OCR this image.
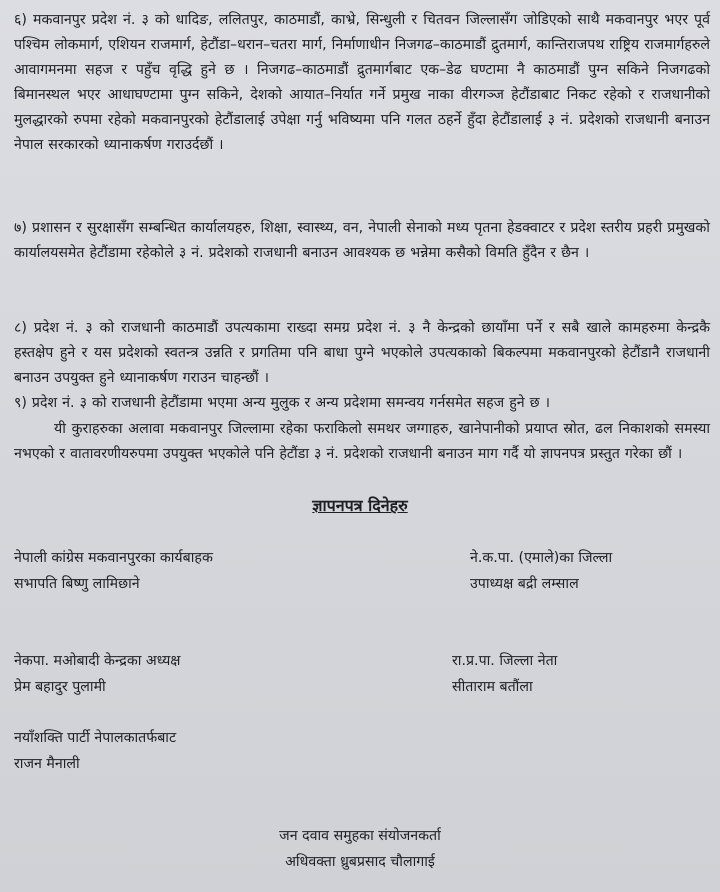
६) मकवानपुर प्रदेश नं. ३ को धादिङ, ललितपुर, काठमाडौं, काभ्रे, सिन्धुली र चितवन जिल्लासँग जोडिएको साथै मकवानपुर भएर पूर्व पश्चिम लोकमार्ग, एशियन राजमार्ग, हेटौंडा–धरान–चतरा मार्ग, निर्माणाधीन निजगढ–काठमाडौं द्रुतमार्ग, कान्तिराजपथ राष्ट्रिय राजमार्गहरुले आवागमनमा सहज र पहुँच वृद्धि हुने छ । निजगढ–काठमाडौं द्रुतमार्गबाट एक–डेढ घण्टामा नै काठमाडौं पुग्न सकिने निजगढको बिमानस्थल भएर आधाघण्टामा पुग्न सकिने, देशको आयात–निर्यात गर्ने प्रमुख नाका वीरगञ्ज हेटौंडाबाट निकट रहेको र राजधानीको मुलद्धारको रुपमा रहेको मकवानपुरको हेटौंडालाई उपेक्षा गर्नु भविष्यमा पनि गलत ठहर्ने हुँदा हेटौंडालाई ३ नं. प्रदेशको राजधानी बनाउन नेपाल सरकारको ध्यानाकर्षण गराउर्दछौं ।

७) प्रशासन र सुरक्षासँग सम्बन्धित कार्यालयहरु, शिक्षा, स्वास्थ्य, वन, नेपाली सेनाको मध्य पृतना हेडक्वाटर र प्रदेश स्तरीय प्रहरी प्रमुखको कार्यालयसमेत हेटौंडामा रहेकोले ३ नं. प्रदेशको राजधानी बनाउन आवश्यक छ भन्नेमा कसैको विमति हुँदैन र छैन ।

८) प्रदेश नं. ३ को राजधानी काठमाडौं उपत्यकामा राख्दा समग्र प्रदेश नं. ३ नै केन्द्रको छायाँमा पर्ने र सबै खाले कामहरुमा केन्द्रकै हस्तक्षेप हुने र यस प्रदेशको स्वतन्त्र उन्नति र प्रगतिमा पनि बाधा पुग्ने भएकोले उपत्यकाको बिकल्पमा मकवानपुरको हेटौंडानै राजधानी बनाउन उपयुक्त हुने ध्यानाकर्षण गराउन चाहन्छौं ।

९) प्रदेश नं. ३ को राजधानी हेटौंडामा भएमा अन्य मुलुक र अन्य प्रदेशमा समन्वय गर्नसमेत सहज हुने छ ।

यी कुराहरुका अलावा मकवानपुर जिल्लामा रहेका फराकिलो समथर जग्गाहरु, खानेपानीको प्रयाप्त स्रोत, ढल निकाशको समस्या नभएको र वातावरणीयरुपमा उपयुक्त भएकोले पनि हेटौंडा ३ नं. प्रदेशको राजधानी बनाउन माग गर्दै यो ज्ञापनपत्र प्रस्तुत गरेका छौं ।

ज्ञापनपत्र दिनेहरु
नेपाली कांग्रेस मकवानपुरका कार्यबाहक
सभापति बिष्णु लामिछाने
ने.क.पा. (एमाले)का जिल्ला
उपाध्यक्ष बद्री लम्साल
नेकपा. मओबादी केन्द्रका अध्यक्ष
प्रेम बहादुर पुलामी
रा.प्र.पा. जिल्ला नेता
सीताराम बतौंला
नयाँशक्ति पार्टी नेपालकातर्फबाट
राजन मैनाली
जन दवाव समुहका संयोजनकर्ता
अधिवक्ता ध्रुबप्रसाद चौलागाई
